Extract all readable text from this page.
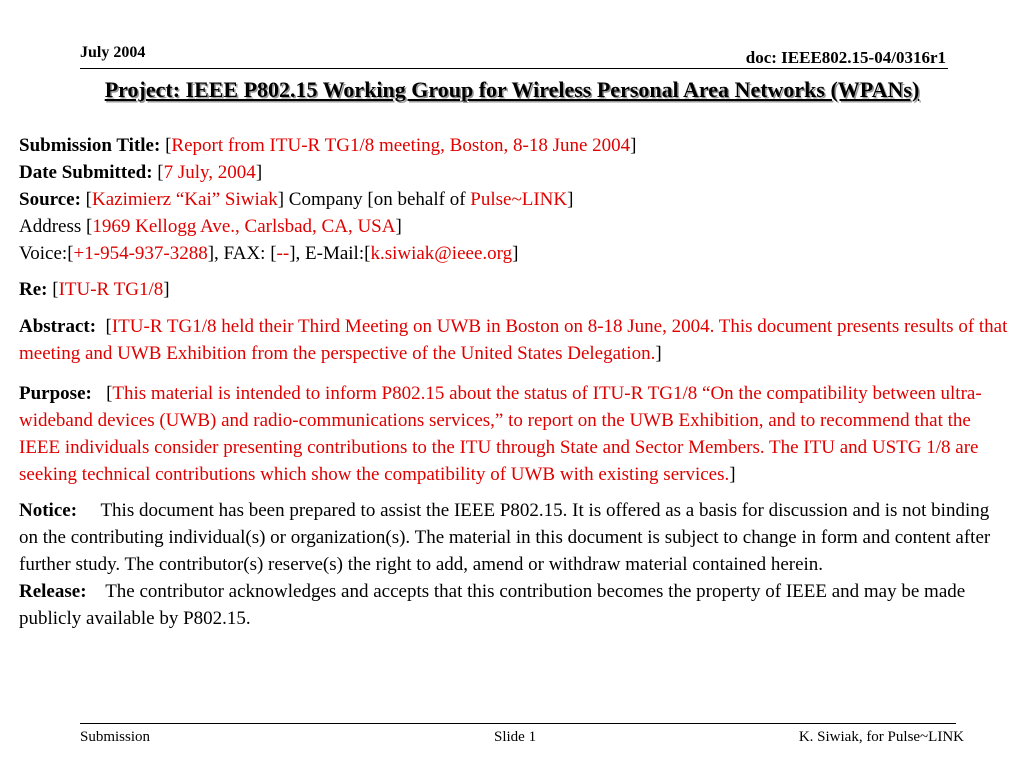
July 2004	doc: IEEE802.15-04/0316r1
Project: IEEE P802.15 Working Group for Wireless Personal Area Networks (WPANs)

Submission Title: [Report from ITU-R TG1/8 meeting, Boston, 8-18 June 2004]

Date Submitted: [7 July, 2004]

Source: [Kazimierz “Kai” Siwiak] Company [on behalf of Pulse~LINK]

Address [1969 Kellogg Ave., Carlsbad, CA, USA]

Voice:[+1-954-937-3288], FAX: [--], E-Mail:[k.siwiak@ieee.org]

Re: [ITU-R TG1/8]

Abstract:  [ITU-R TG1/8 held their Third Meeting on UWB in Boston on 8-18 June, 2004. This document presents results of that meeting and UWB Exhibition from the perspective of the United States Delegation.]

Purpose:   [This material is intended to inform P802.15 about the status of ITU-R TG1/8 “On the compatibility between ultra-wideband devices (UWB) and radio-communications services,” to report on the UWB Exhibition, and to recommend that the IEEE individuals consider presenting contributions to the ITU through State and Sector Members. The ITU and USTG 1/8 are seeking technical contributions which show the compatibility of UWB with existing services.]

Notice: This document has been prepared to assist the IEEE P802.15. It is offered as a basis for discussion and is not binding on the contributing individual(s) or organization(s). The material in this document is subject to change in form and content after further study. The contributor(s) reserve(s) the right to add, amend or withdraw material contained herein.

Release: The contributor acknowledges and accepts that this contribution becomes the property of IEEE and may be made publicly available by P802.15.

Submission	Slide 1	K. Siwiak, for Pulse~LINK
